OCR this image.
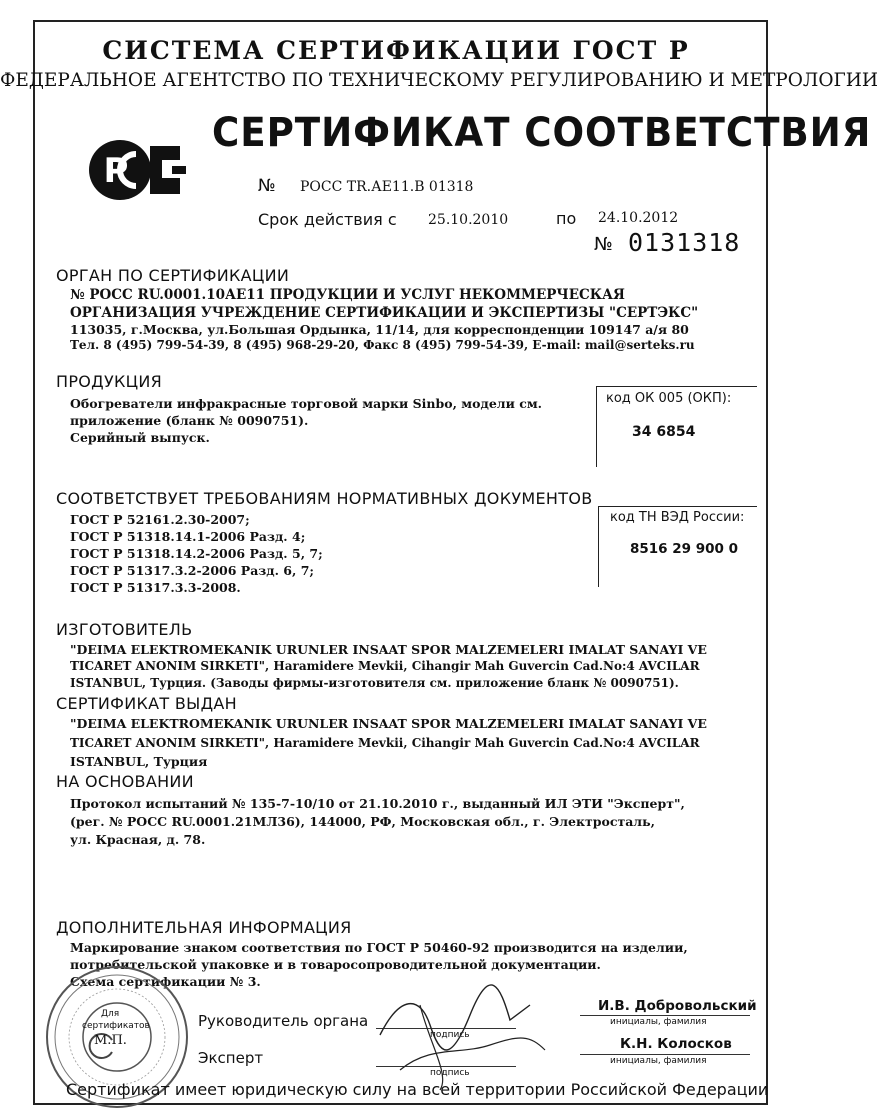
СИСТЕМА СЕРТИФИКАЦИИ ГОСТ Р
ФЕДЕРАЛЬНОЕ АГЕНТСТВО ПО ТЕХНИЧЕСКОМУ РЕГУЛИРОВАНИЮ И МЕТРОЛОГИИ
Р
СЕРТИФИКАТ СООТВЕТСТВИЯ
№ РОСС TR.АЕ11.В 01318
Срок действия с 25.10.2010	по 24.10.2012
№ 0131318
ОРГАН ПО СЕРТИФИКАЦИИ
№ РОСС RU.0001.10АЕ11 ПРОДУКЦИИ И УСЛУГ НЕКОММЕРЧЕСКАЯ
ОРГАНИЗАЦИЯ УЧРЕЖДЕНИЕ СЕРТИФИКАЦИИ И ЭКСПЕРТИЗЫ "СЕРТЭКС"
113035, г.Москва, ул.Большая Ордынка, 11/14, для корреспонденции 109147 а/я 80
Тел. 8 (495) 799-54-39, 8 (495) 968-29-20, Факс 8 (495) 799-54-39, E-mail: mail@serteks.ru
ПРОДУКЦИЯ
Обогреватели инфракрасные торговой марки Sinbo, модели см.
приложение (бланк № 0090751).
Серийный выпуск.
код ОК 005 (ОКП):
34 6854
СООТВЕТСТВУЕТ ТРЕБОВАНИЯМ НОРМАТИВНЫХ ДОКУМЕНТОВ
ГОСТ Р 52161.2.30-2007;
ГОСТ Р 51318.14.1-2006 Разд. 4;
ГОСТ Р 51318.14.2-2006 Разд. 5, 7;
ГОСТ Р 51317.3.2-2006 Разд. 6, 7;
ГОСТ Р 51317.3.3-2008.
код ТН ВЭД России:
8516 29 900 0
ИЗГОТОВИТЕЛЬ
"DEIMA ELEKTROMEKANIK URUNLER INSAAT SPOR MALZEMELERI IMALAT SANAYI VE
TICARET ANONIM SIRKETI", Haramidere Mevkii, Cihangir Mah Guvercin Cad.No:4 AVCILAR
ISTANBUL, Турция. (Заводы фирмы-изготовителя см. приложение бланк № 0090751).
СЕРТИФИКАТ ВЫДАН
"DEIMA ELEKTROMEKANIK URUNLER INSAAT SPOR MALZEMELERI IMALAT SANAYI VE
TICARET ANONIM SIRKETI", Haramidere Mevkii, Cihangir Mah Guvercin Cad.No:4 AVCILAR
ISTANBUL, Турция
НА ОСНОВАНИИ
Протокол испытаний № 135-7-10/10 от 21.10.2010 г., выданный ИЛ ЭТИ "Эксперт",
(рег. № РОСС RU.0001.21МЛ36), 144000, РФ, Московская обл., г. Электросталь,
ул. Красная, д. 78.
ДОПОЛНИТЕЛЬНАЯ ИНФОРМАЦИЯ
Маркирование знаком соответствия по ГОСТ Р 50460-92 производится на изделии,
потребительской упаковке и в товаросопроводительной документации.
Схема сертификации № 3.
Для
сертификатов
М.П.
Руководитель органа
подпись
И.В. Добровольский
инициалы, фамилия
Эксперт
подпись
К.Н. Колосков
инициалы, фамилия
Сертификат имеет юридическую силу на всей территории Российской Федерации
